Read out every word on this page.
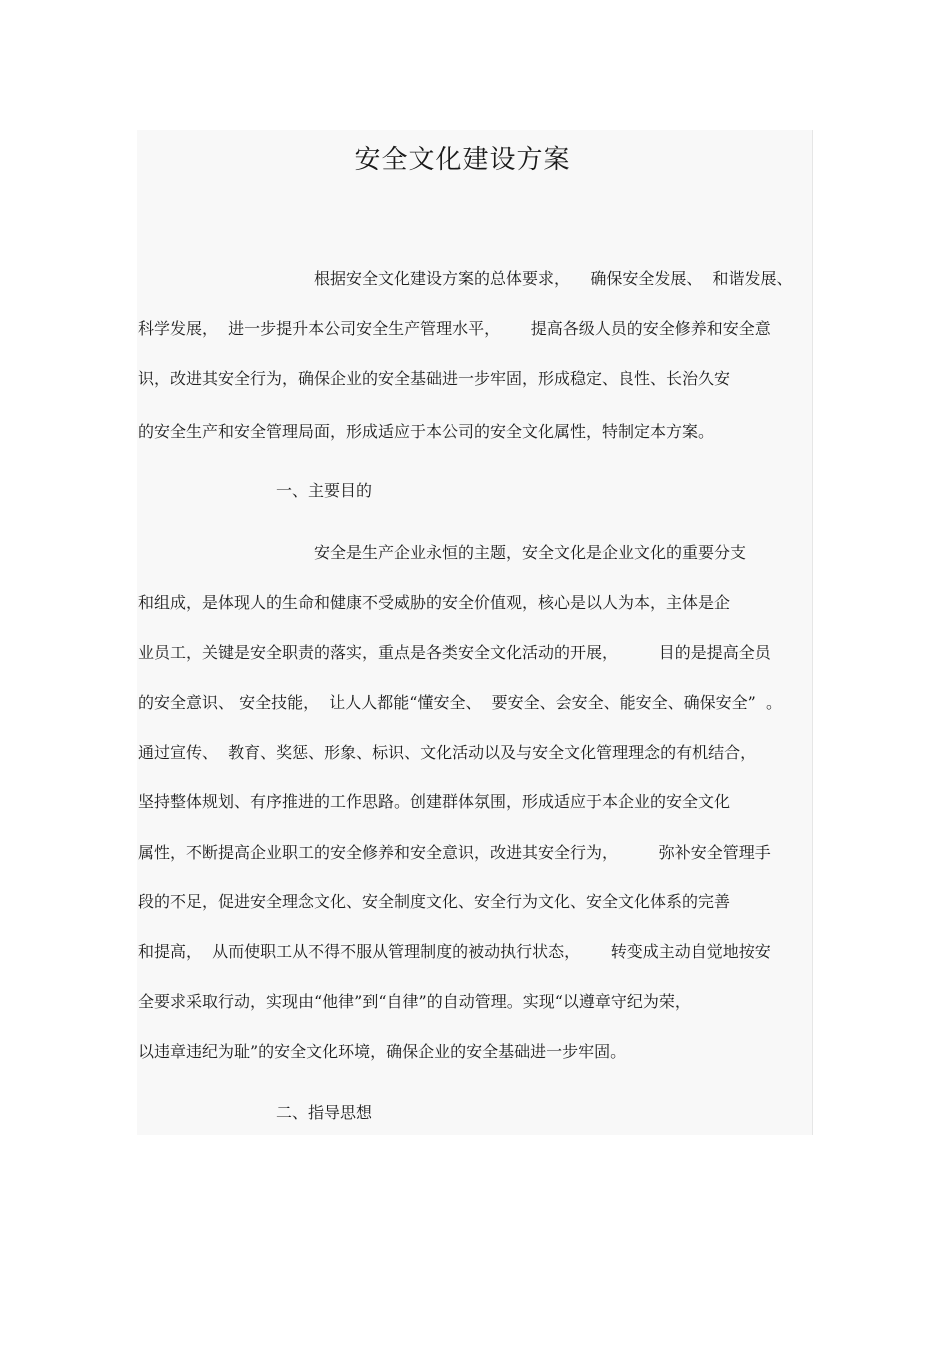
安全文化建设方案
根据安全文化建设方案的总体要求，    确保安全发展、  和谐发展、
科学发展，  进一步提升本公司安全生产管理水平，      提高各级人员的安全修养和安全意
识，改进其安全行为，确保企业的安全基础进一步牢固，形成稳定、良性、长治久安
的安全生产和安全管理局面，形成适应于本公司的安全文化属性，特制定本方案。
一、主要目的
安全是生产企业永恒的主题，安全文化是企业文化的重要分支
和组成，是体现人的生命和健康不受威胁的安全价值观，核心是以人为本，主体是企
业员工，关键是安全职责的落实，重点是各类安全文化活动的开展，        目的是提高全员
的安全意识、 安全技能，  让人人都能“懂安全、  要安全、会安全、能安全、确保安全”  。
通过宣传、  教育、奖惩、形象、标识、文化活动以及与安全文化管理理念的有机结合，
坚持整体规划、有序推进的工作思路。创建群体氛围，形成适应于本企业的安全文化
属性，不断提高企业职工的安全修养和安全意识，改进其安全行为，        弥补安全管理手
段的不足，促进安全理念文化、安全制度文化、安全行为文化、安全文化体系的完善
和提高，  从而使职工从不得不服从管理制度的被动执行状态，      转变成主动自觉地按安
全要求采取行动，实现由“他律”到“自律”的自动管理。实现“以遵章守纪为荣，
以违章违纪为耻”的安全文化环境，确保企业的安全基础进一步牢固。
二、指导思想
